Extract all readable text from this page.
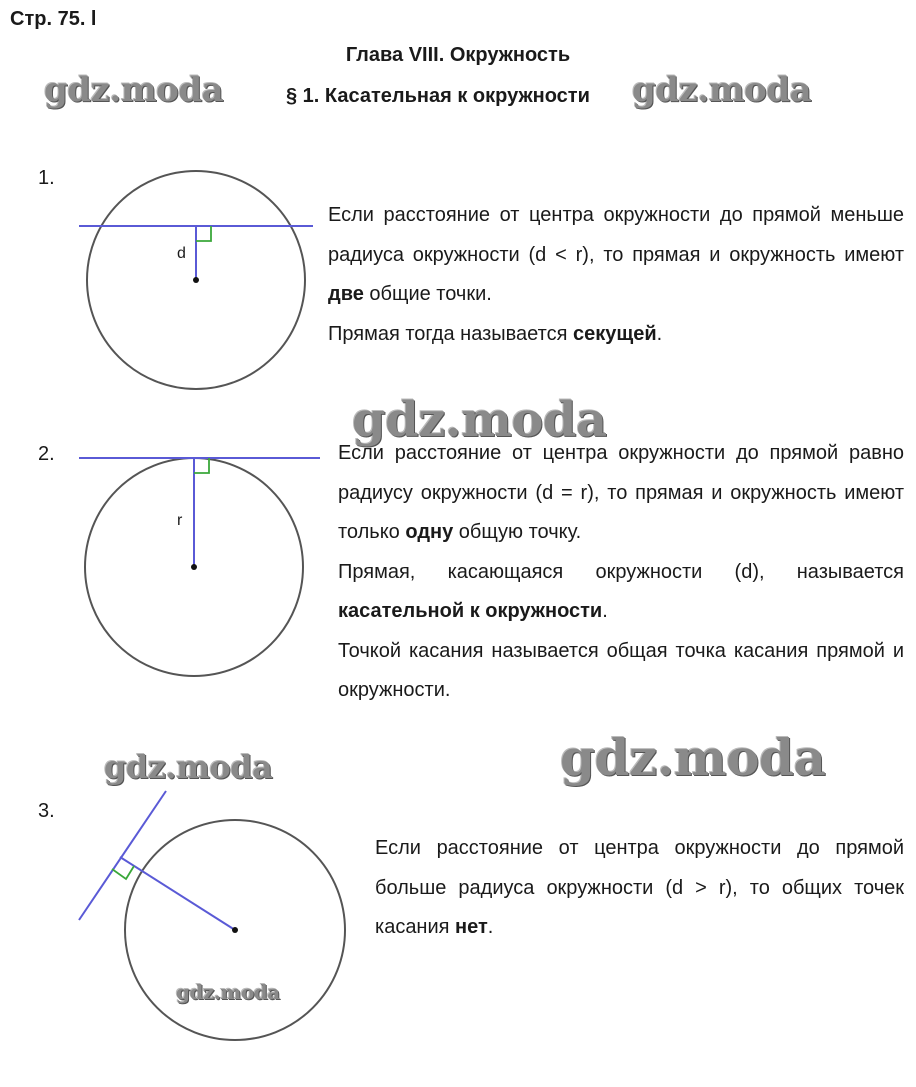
Стр. 75. l
Глава VIII. Окружность
§ 1. Касательная к окружности
gdz.moda	gdz.moda
gdz.moda
gdz.moda	gdz.moda
gdz.moda
1.
d

Если расстояние от центра окружности до прямой меньше радиуса окружности (d < r), то прямая и окружность имеют две общие точки.

Прямая тогда называется секущей.

2.
r

Если расстояние от центра окружности до прямой равно радиусу окружности (d = r), то прямая и окружность имеют только одну общую точку.

Прямая, касающаяся окружности (d), называется касательной к окружности.

Точкой касания называется общая точка касания прямой и окружности.

3.

Если расстояние от центра окружности до прямой больше радиуса окружности (d > r), то общих точек касания нет.
